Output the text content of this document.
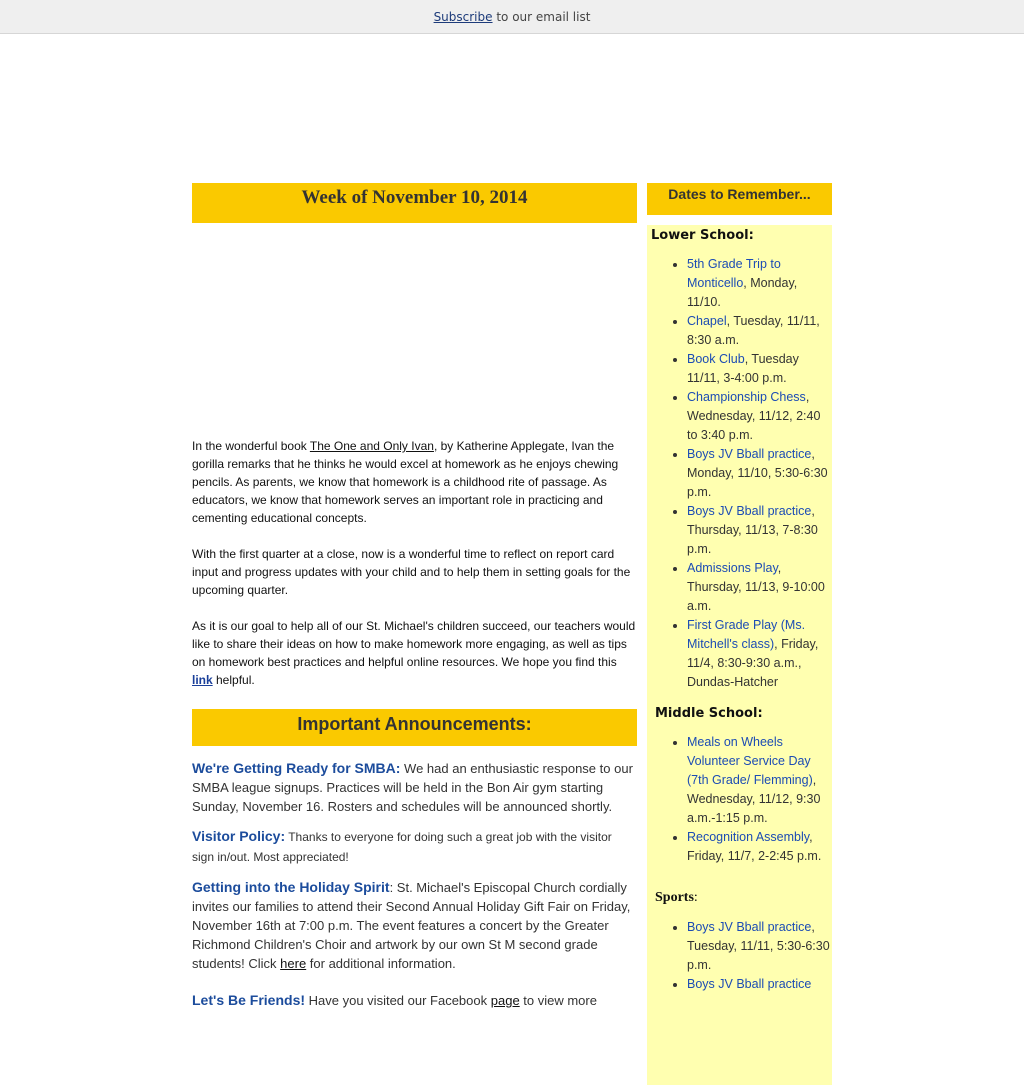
Subscribe to our email list
Week of November 10, 2014

In the wonderful book The One and Only Ivan, by Katherine Applegate, Ivan the gorilla remarks that he thinks he would excel at homework as he enjoys chewing pencils. As parents, we know that homework is a childhood rite of passage. As educators, we know that homework serves an important role in practicing and cementing educational concepts.

With the first quarter at a close, now is a wonderful time to reflect on report card input and progress updates with your child and to help them in setting goals for the upcoming quarter.

As it is our goal to help all of our St. Michael's children succeed, our teachers would like to share their ideas on how to make homework more engaging, as well as tips on homework best practices and helpful online resources. We hope you find this link helpful.

Important Announcements:
We're Getting Ready for SMBA: We had an enthusiastic response to our SMBA league signups. Practices will be held in the Bon Air gym starting Sunday, November 16. Rosters and schedules will be announced shortly.
Visitor Policy: Thanks to everyone for doing such a great job with the visitor sign in/out. Most appreciated!
Getting into the Holiday Spirit: St. Michael's Episcopal Church cordially invites our families to attend their Second Annual Holiday Gift Fair on Friday, November 16th at 7:00 p.m. The event features a concert by the Greater Richmond Children's Choir and artwork by our own St M second grade students! Click here for additional information.
Let's Be Friends! Have you visited our Facebook page to view more
Dates to Remember...
Lower School:
• 5th Grade Trip to Monticello, Monday, 11/10.
• Chapel, Tuesday, 11/11, 8:30 a.m.
• Book Club, Tuesday 11/11, 3-4:00 p.m.
• Championship Chess, Wednesday, 11/12, 2:40 to 3:40 p.m.
• Boys JV Bball practice, Monday, 11/10, 5:30-6:30 p.m.
• Boys JV Bball practice, Thursday, 11/13, 7-8:30 p.m.
• Admissions Play, Thursday, 11/13, 9-10:00 a.m.
• First Grade Play (Ms. Mitchell's class), Friday, 11/4, 8:30-9:30 a.m., Dundas-Hatcher
Middle School:
• Meals on Wheels Volunteer Service Day (7th Grade/ Flemming), Wednesday, 11/12, 9:30 a.m.-1:15 p.m.
• Recognition Assembly, Friday, 11/7, 2-2:45 p.m.
Sports:
• Boys JV Bball practice, Tuesday, 11/11, 5:30-6:30 p.m.
• Boys JV Bball practice
